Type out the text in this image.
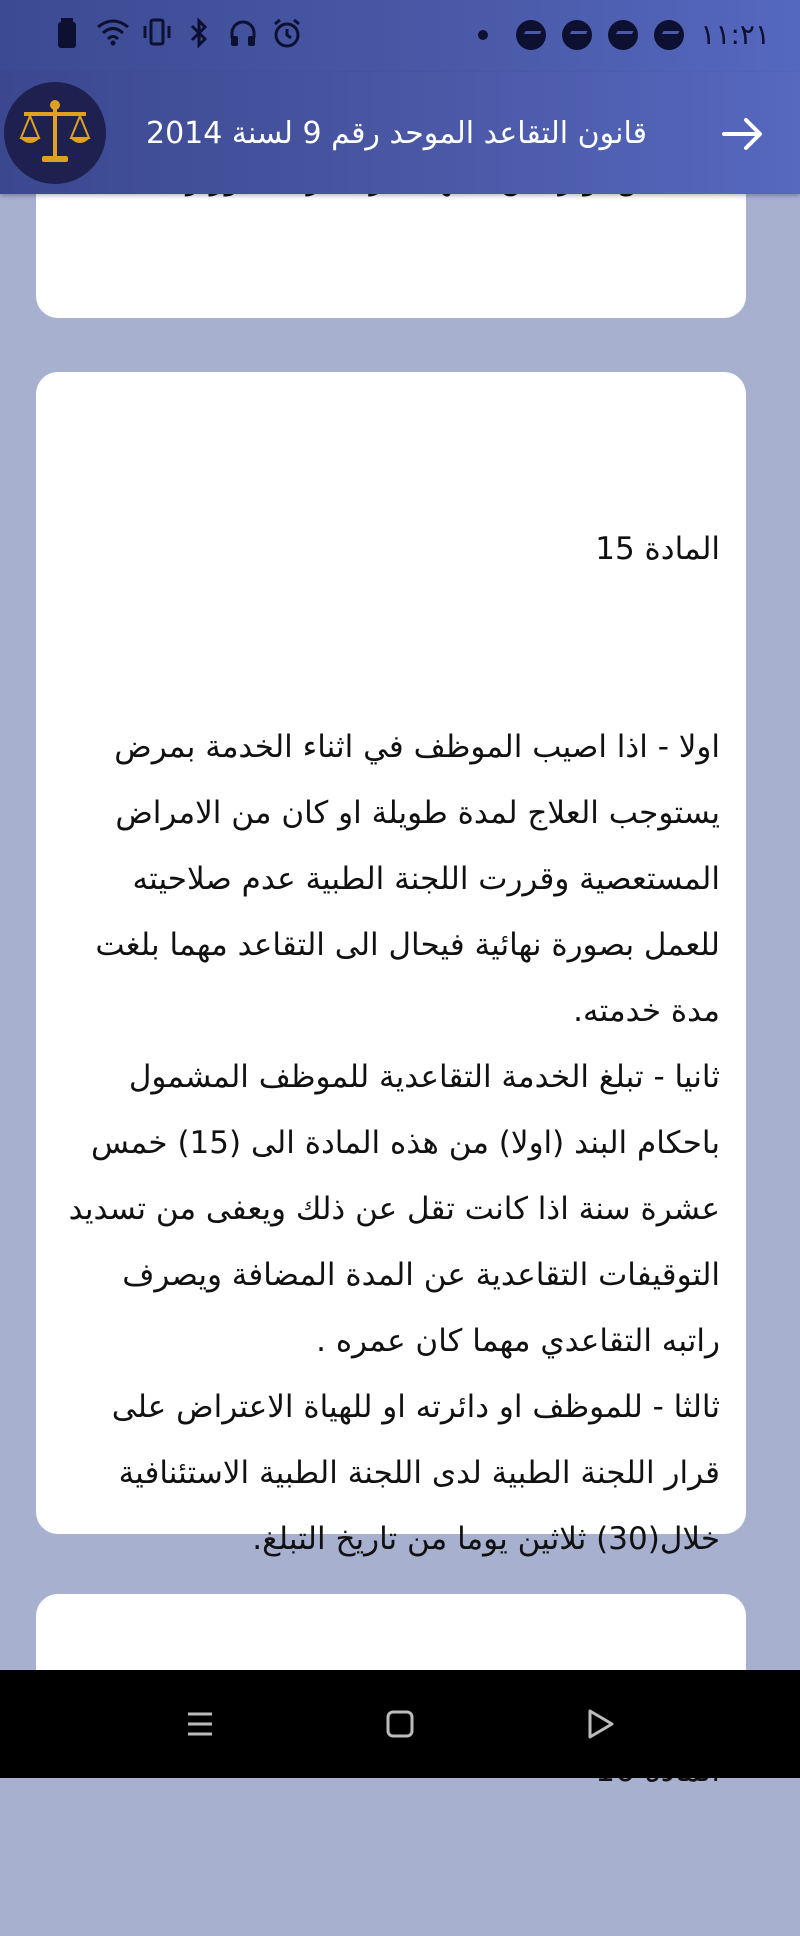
١١:٢١
قانون التقاعد الموحد رقم 9 لسنة 2014

المادة 15

اولا - اذا اصيب الموظف في اثناء الخدمة بمرض يستوجب العلاج لمدة طويلة او كان من الامراض المستعصية وقررت اللجنة الطبية عدم صلاحيته للعمل بصورة نهائية فيحال الى التقاعد مهما بلغت مدة خدمته.
ثانيا - تبلغ الخدمة التقاعدية للموظف المشمول باحكام البند (اولا) من هذه المادة الى (15) خمس عشرة سنة اذا كانت تقل عن ذلك ويعفى من تسديد التوقيفات التقاعدية عن المدة المضافة ويصرف راتبه التقاعدي مهما كان عمره .
ثالثا - للموظف او دائرته او للهياة الاعتراض على قرار اللجنة الطبية لدى اللجنة الطبية الاستئنافية خلال(30) ثلاثين يوما من تاريخ التبلغ.
